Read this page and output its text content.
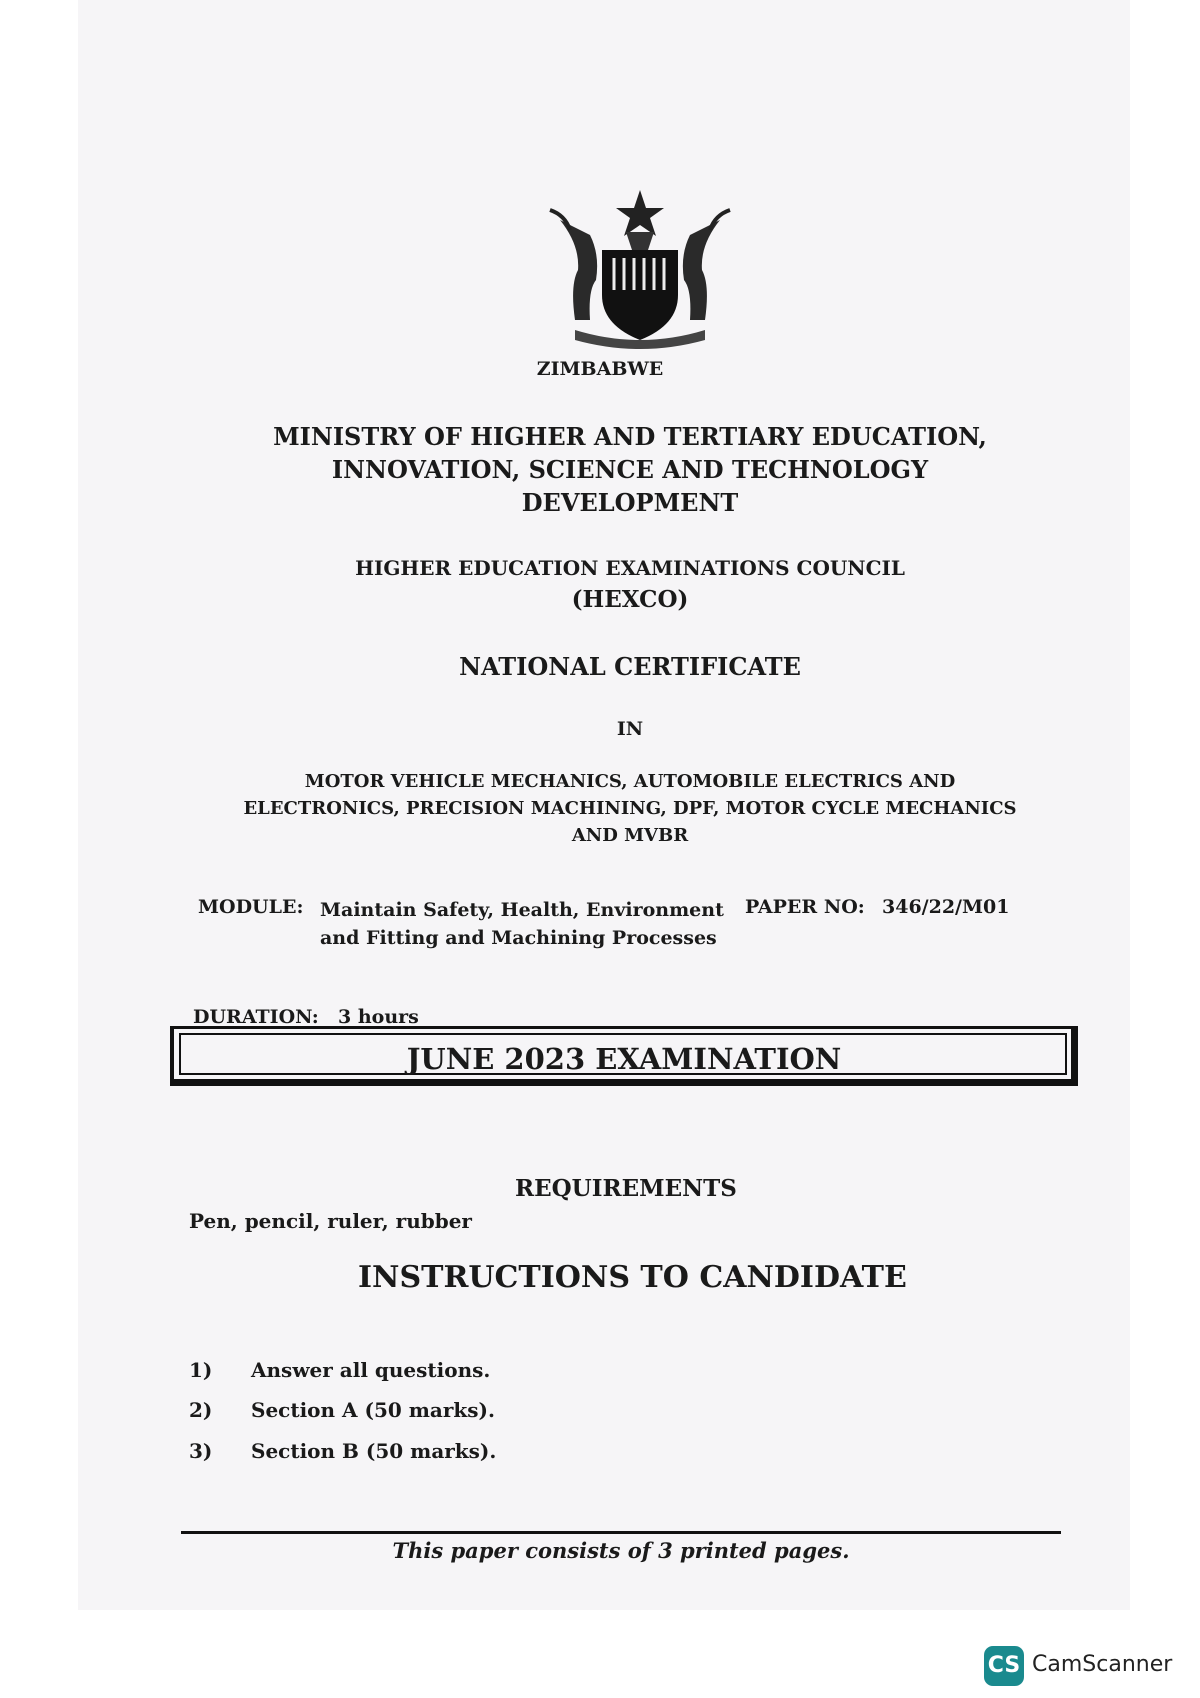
ZIMBABWE
MINISTRY OF HIGHER AND TERTIARY EDUCATION,
INNOVATION, SCIENCE AND TECHNOLOGY
DEVELOPMENT
HIGHER EDUCATION EXAMINATIONS COUNCIL
(HEXCO)
NATIONAL CERTIFICATE
IN
MOTOR VEHICLE MECHANICS, AUTOMOBILE ELECTRICS AND
ELECTRONICS, PRECISION MACHINING, DPF, MOTOR CYCLE MECHANICS
AND MVBR
MODULE: Maintain Safety, Health, Environment
and Fitting and Machining Processes
PAPER NO: 346/22/M01
DURATION: 3 hours
JUNE 2023 EXAMINATION
REQUIREMENTS
Pen, pencil, ruler, rubber
INSTRUCTIONS TO CANDIDATE
1) Answer all questions.
2) Section A (50 marks).
3) Section B (50 marks).
This paper consists of 3 printed pages.
CS CamScanner
